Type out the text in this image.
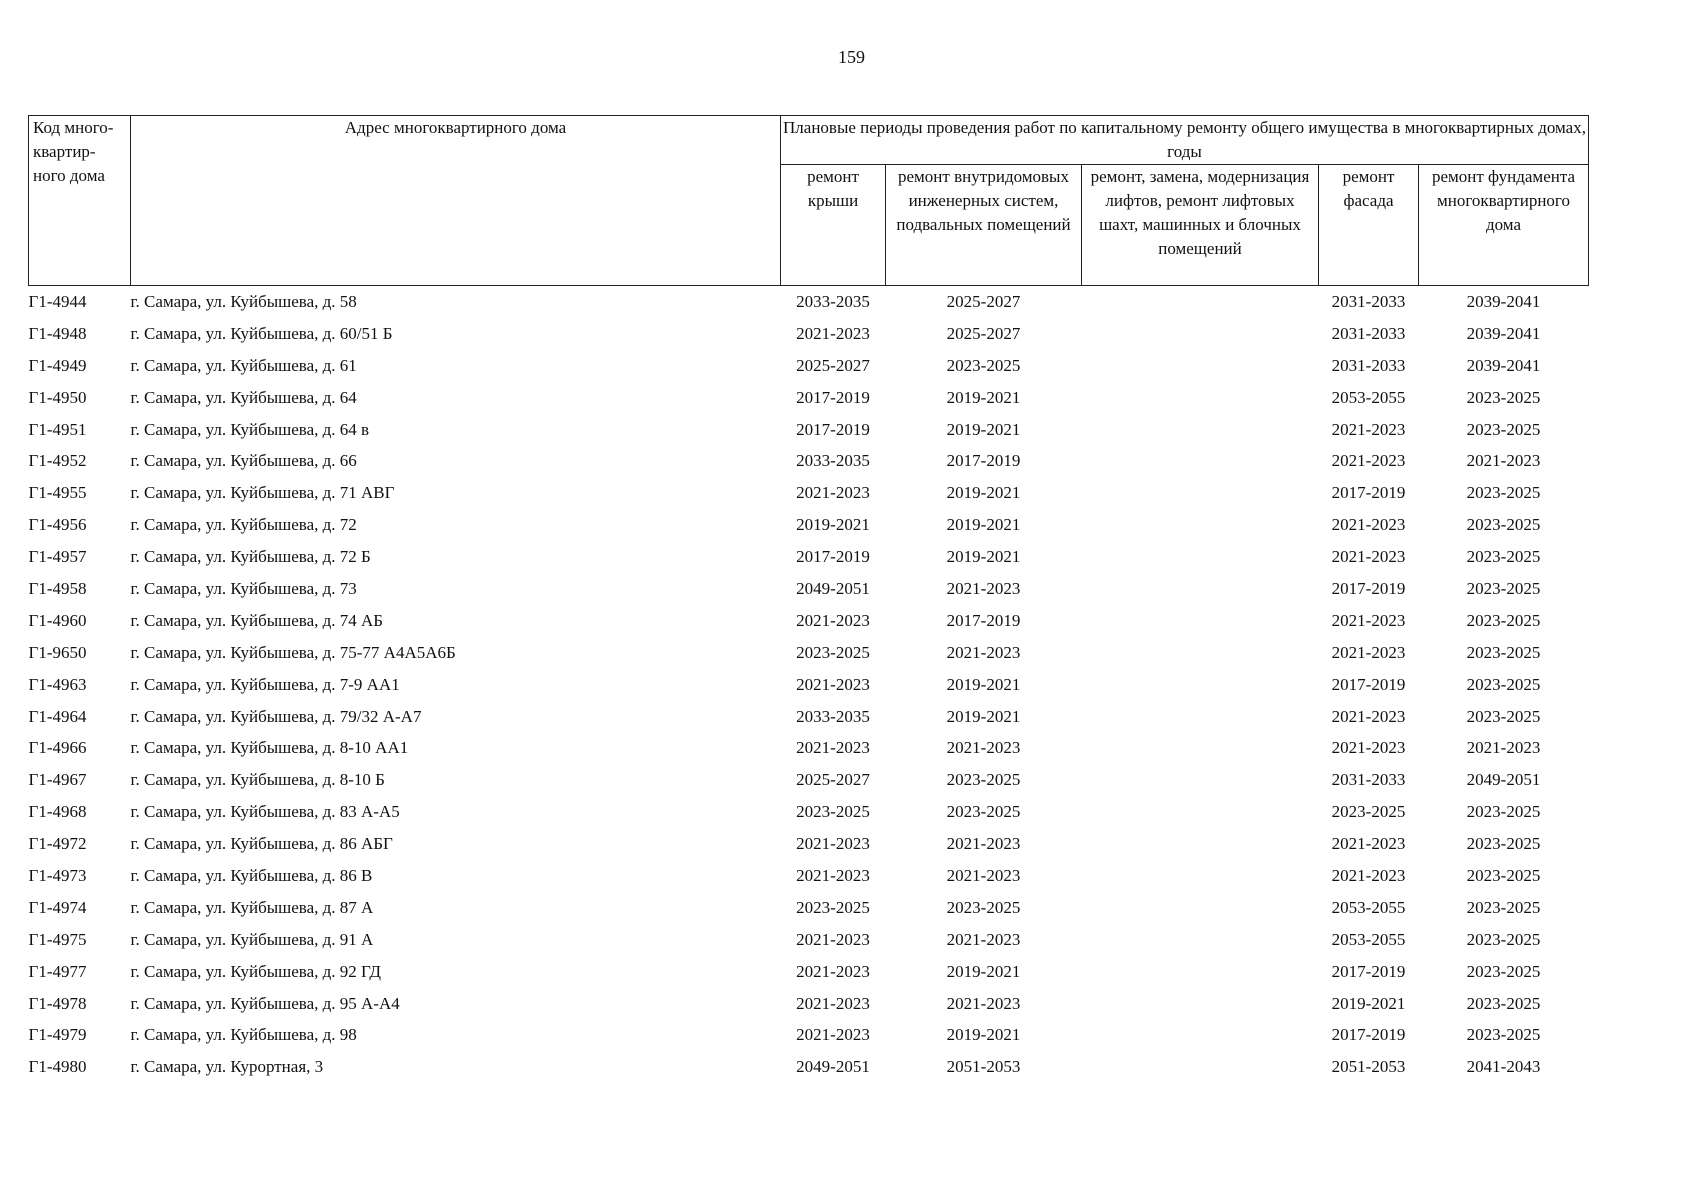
159
Код много-квартир-ного дома	Адрес многоквартирного дома	Плановые периоды проведения работ по капитальному ремонту общего имущества в многоквартирных домах, годы				
		ремонт крыши	ремонт внутридомовых инженерных систем, подвальных помещений	ремонт, замена, модернизация лифтов, ремонт лифтовых шахт, машинных и блочных помещений	ремонт фасада	ремонт фундамента многоквартирного дома
Г1-4944	г. Самара, ул. Куйбышева, д. 58	2033-2035	2025-2027		2031-2033	2039-2041
Г1-4948	г. Самара, ул. Куйбышева, д. 60/51 Б	2021-2023	2025-2027		2031-2033	2039-2041
Г1-4949	г. Самара, ул. Куйбышева, д. 61	2025-2027	2023-2025		2031-2033	2039-2041
Г1-4950	г. Самара, ул. Куйбышева, д. 64	2017-2019	2019-2021		2053-2055	2023-2025
Г1-4951	г. Самара, ул. Куйбышева, д. 64 в	2017-2019	2019-2021		2021-2023	2023-2025
Г1-4952	г. Самара, ул. Куйбышева, д. 66	2033-2035	2017-2019		2021-2023	2021-2023
Г1-4955	г. Самара, ул. Куйбышева, д. 71 АВГ	2021-2023	2019-2021		2017-2019	2023-2025
Г1-4956	г. Самара, ул. Куйбышева, д. 72	2019-2021	2019-2021		2021-2023	2023-2025
Г1-4957	г. Самара, ул. Куйбышева, д. 72 Б	2017-2019	2019-2021		2021-2023	2023-2025
Г1-4958	г. Самара, ул. Куйбышева, д. 73	2049-2051	2021-2023		2017-2019	2023-2025
Г1-4960	г. Самара, ул. Куйбышева, д. 74 АБ	2021-2023	2017-2019		2021-2023	2023-2025
Г1-9650	г. Самара, ул. Куйбышева, д. 75-77 А4А5А6Б	2023-2025	2021-2023		2021-2023	2023-2025
Г1-4963	г. Самара, ул. Куйбышева, д. 7-9 АА1	2021-2023	2019-2021		2017-2019	2023-2025
Г1-4964	г. Самара, ул. Куйбышева, д. 79/32 А-А7	2033-2035	2019-2021		2021-2023	2023-2025
Г1-4966	г. Самара, ул. Куйбышева, д. 8-10 АА1	2021-2023	2021-2023		2021-2023	2021-2023
Г1-4967	г. Самара, ул. Куйбышева, д. 8-10 Б	2025-2027	2023-2025		2031-2033	2049-2051
Г1-4968	г. Самара, ул. Куйбышева, д. 83 А-А5	2023-2025	2023-2025		2023-2025	2023-2025
Г1-4972	г. Самара, ул. Куйбышева, д. 86 АБГ	2021-2023	2021-2023		2021-2023	2023-2025
Г1-4973	г. Самара, ул. Куйбышева, д. 86 В	2021-2023	2021-2023		2021-2023	2023-2025
Г1-4974	г. Самара, ул. Куйбышева, д. 87 А	2023-2025	2023-2025		2053-2055	2023-2025
Г1-4975	г. Самара, ул. Куйбышева, д. 91 А	2021-2023	2021-2023		2053-2055	2023-2025
Г1-4977	г. Самара, ул. Куйбышева, д. 92 ГД	2021-2023	2019-2021		2017-2019	2023-2025
Г1-4978	г. Самара, ул. Куйбышева, д. 95 А-А4	2021-2023	2021-2023		2019-2021	2023-2025
Г1-4979	г. Самара, ул. Куйбышева, д. 98	2021-2023	2019-2021		2017-2019	2023-2025
Г1-4980	г. Самара, ул. Курортная, 3	2049-2051	2051-2053		2051-2053	2041-2043
